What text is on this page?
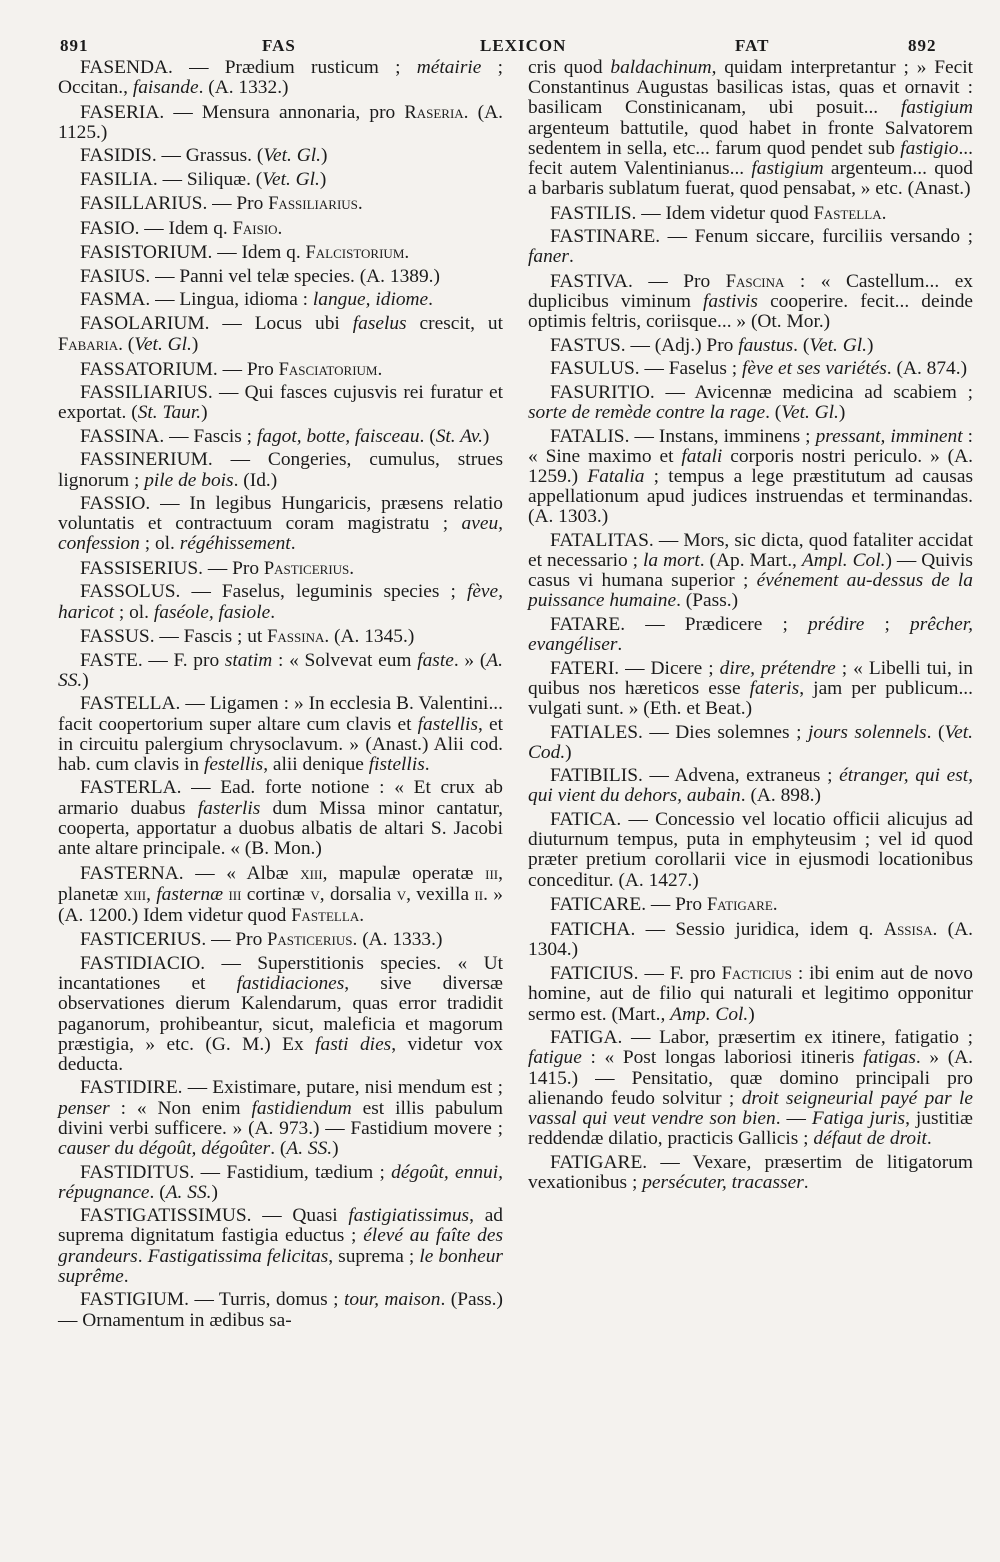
891	FAS	LEXICON	FAT	892

FASENDA. — Prædium rusticum ; métairie ; Occitan., faisande. (A. 1332.)

FASERIA. — Mensura annonaria, pro Raseria. (A. 1125.)

FASIDIS. — Grassus. (Vet. Gl.)

FASILIA. — Siliquæ. (Vet. Gl.)

FASILLARIUS. — Pro Fassiliarius.

FASIO. — Idem q. Faisio.

FASISTORIUM. — Idem q. Falcistorium.

FASIUS. — Panni vel telæ species. (A. 1389.)

FASMA. — Lingua, idioma : langue, idiome.

FASOLARIUM. — Locus ubi faselus crescit, ut Fabaria. (Vet. Gl.)

FASSATORIUM. — Pro Fasciatorium.

FASSILIARIUS. — Qui fasces cujusvis rei furatur et exportat. (St. Taur.)

FASSINA. — Fascis ; fagot, botte, faisceau. (St. Av.)

FASSINERIUM. — Congeries, cumulus, strues lignorum ; pile de bois. (Id.)

FASSIO. — In legibus Hungaricis, præsens relatio voluntatis et contractuum coram magistratu ; aveu, confession ; ol. régéhissement.

FASSISERIUS. — Pro Pasticerius.

FASSOLUS. — Faselus, leguminis species ; fève, haricot ; ol. faséole, fasiole.

FASSUS. — Fascis ; ut Fassina. (A. 1345.)

FASTE. — F. pro statim : « Solvevat eum faste. » (A. SS.)

FASTELLA. — Ligamen : » In ecclesia B. Valentini... facit coopertorium super altare cum clavis et fastellis, et in circuitu palergium chrysoclavum. » (Anast.) Alii cod. hab. cum clavis in festellis, alii denique fistellis.

FASTERLA. — Ead. forte notione : « Et crux ab armario duabus fasterlis dum Missa minor cantatur, cooperta, apportatur a duobus albatis de altari S. Jacobi ante altare principale. « (B. Mon.)

FASTERNA. — « Albæ xiii, mapulæ operatæ iii, planetæ xiii, fasternæ iii cortinæ v, dorsalia v, vexilla ii. » (A. 1200.) Idem videtur quod Fastella.

FASTICERIUS. — Pro Pasticerius. (A. 1333.)

FASTIDIACIO. — Superstitionis species. « Ut incantationes et fastidiaciones, sive diversæ observationes dierum Kalendarum, quas error tradidit paganorum, prohibeantur, sicut, maleficia et magorum præstigia, » etc. (G. M.) Ex fasti dies, videtur vox deducta.

FASTIDIRE. — Existimare, putare, nisi mendum est ; penser : « Non enim fastidiendum est illis pabulum divini verbi sufficere. » (A. 973.) — Fastidium movere ; causer du dégoût, dégoûter. (A. SS.)

FASTIDITUS. — Fastidium, tædium ; dégoût, ennui, répugnance. (A. SS.)

FASTIGATISSIMUS. — Quasi fastigiatissimus, ad suprema dignitatum fastigia eductus ; élevé au faîte des grandeurs. Fastigatissima felicitas, suprema ; le bonheur suprême.

FASTIGIUM. — Turris, domus ; tour, maison. (Pass.) — Ornamentum in ædibus sa-

cris quod baldachinum, quidam interpretantur ; » Fecit Constantinus Augustas basilicas istas, quas et ornavit : basilicam Constinicanam, ubi posuit... fastigium argenteum battutile, quod habet in fronte Salvatorem sedentem in sella, etc... farum quod pendet sub fastigio... fecit autem Valentinianus... fastigium argenteum... quod a barbaris sublatum fuerat, quod pensabat, » etc. (Anast.)

FASTILIS. — Idem videtur quod Fastella.

FASTINARE. — Fenum siccare, furciliis versando ; faner.

FASTIVA. — Pro Fascina : « Castellum... ex duplicibus viminum fastivis cooperire. fecit... deinde optimis feltris, coriisque... » (Ot. Mor.)

FASTUS. — (Adj.) Pro faustus. (Vet. Gl.)

FASULUS. — Faselus ; fève et ses variétés. (A. 874.)

FASURITIO. — Avicennæ medicina ad scabiem ; sorte de remède contre la rage. (Vet. Gl.)

FATALIS. — Instans, imminens ; pressant, imminent : « Sine maximo et fatali corporis nostri periculo. » (A. 1259.) Fatalia ; tempus a lege præstitutum ad causas appellationum apud judices instruendas et terminandas. (A. 1303.)

FATALITAS. — Mors, sic dicta, quod fataliter accidat et necessario ; la mort. (Ap. Mart., Ampl. Col.) — Quivis casus vi humana superior ; événement au-dessus de la puissance humaine. (Pass.)

FATARE. — Prædicere ; prédire ; prêcher, evangéliser.

FATERI. — Dicere ; dire, prétendre ; « Libelli tui, in quibus nos hæreticos esse fateris, jam per publicum... vulgati sunt. » (Eth. et Beat.)

FATIALES. — Dies solemnes ; jours solennels. (Vet. Cod.)

FATIBILIS. — Advena, extraneus ; étranger, qui est, qui vient du dehors, aubain. (A. 898.)

FATICA. — Concessio vel locatio officii alicujus ad diuturnum tempus, puta in emphyteusim ; vel id quod præter pretium corollarii vice in ejusmodi locationibus conceditur. (A. 1427.)

FATICARE. — Pro Fatigare.

FATICHA. — Sessio juridica, idem q. Assisa. (A. 1304.)

FATICIUS. — F. pro Facticius : ibi enim aut de novo homine, aut de filio qui naturali et legitimo opponitur sermo est. (Mart., Amp. Col.)

FATIGA. — Labor, præsertim ex itinere, fatigatio ; fatigue : « Post longas laboriosi itineris fatigas. » (A. 1415.) — Pensitatio, quæ domino principali pro alienando feudo solvitur ; droit seigneurial payé par le vassal qui veut vendre son bien. — Fatiga juris, justitiæ reddendæ dilatio, practicis Gallicis ; défaut de droit.

FATIGARE. — Vexare, præsertim de litigatorum vexationibus ; persécuter, tracasser.
